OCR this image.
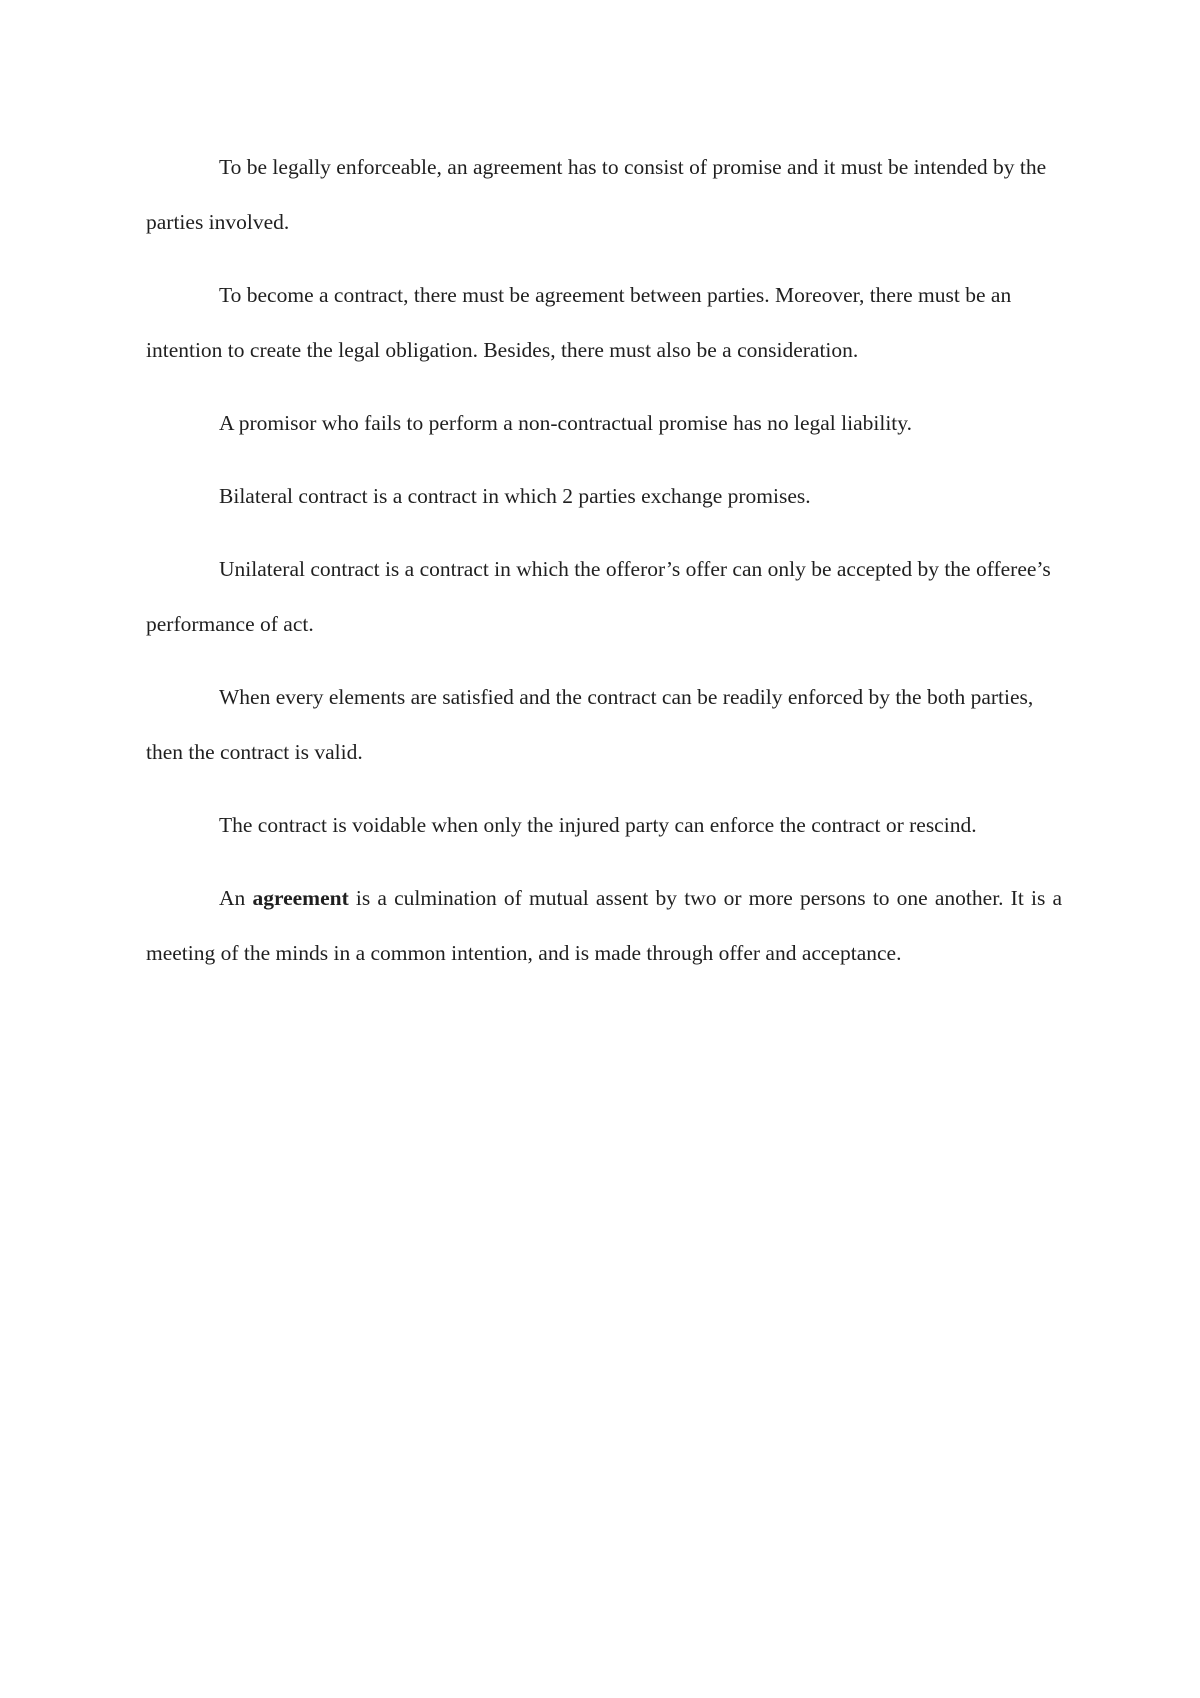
To be legally enforceable, an agreement has to consist of promise and it must be intended by the parties involved.

To become a contract, there must be agreement between parties. Moreover, there must be an intention to create the legal obligation. Besides, there must also be a consideration.

A promisor who fails to perform a non-contractual promise has no legal liability.

Bilateral contract is a contract in which 2 parties exchange promises.

Unilateral contract is a contract in which the offeror’s offer can only be accepted by the offeree’s performance of act.

When every elements are satisfied and the contract can be readily enforced by the both parties, then the contract is valid.

The contract is voidable when only the injured party can enforce the contract or rescind.

An agreement is a culmination of mutual assent by two or more persons to one another. It is a meeting of the minds in a common intention, and is made through offer and acceptance.
